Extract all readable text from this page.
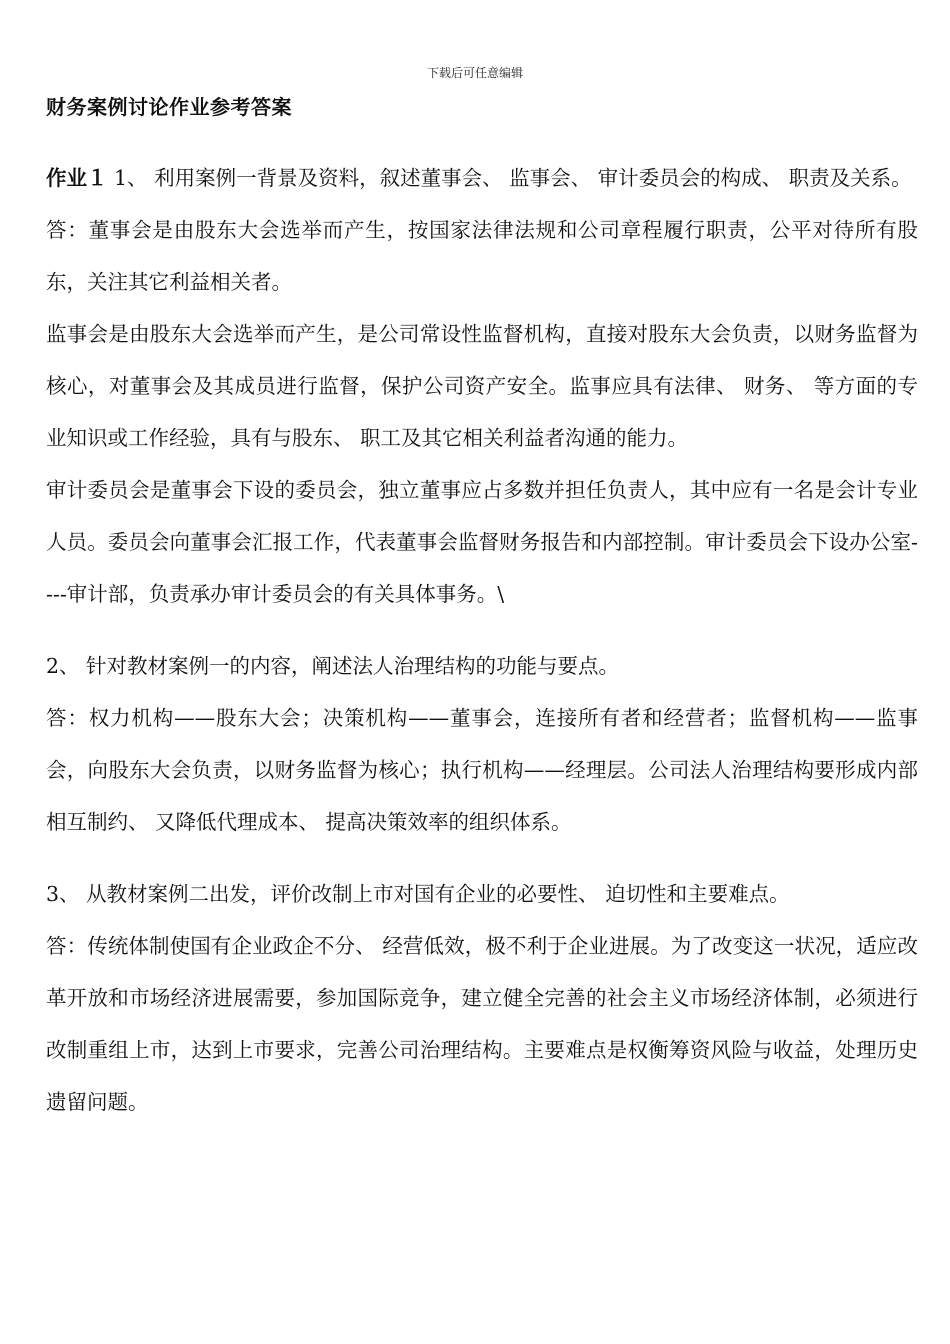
下载后可任意编辑
财务案例讨论作业参考答案

作业１ 1、 利用案例一背景及资料，叙述董事会、 监事会、 审计委员会的构成、 职责及关系。

答：董事会是由股东大会选举而产生，按国家法律法规和公司章程履行职责，公平对待所有股东，关注其它利益相关者。

监事会是由股东大会选举而产生，是公司常设性监督机构，直接对股东大会负责，以财务监督为核心，对董事会及其成员进行监督，保护公司资产安全。监事应具有法律、 财务、 等方面的专业知识或工作经验，具有与股东、 职工及其它相关利益者沟通的能力。

审计委员会是董事会下设的委员会，独立董事应占多数并担任负责人，其中应有一名是会计专业人员。委员会向董事会汇报工作，代表董事会监督财务报告和内部控制。审计委员会下设办公室----审计部，负责承办审计委员会的有关具体事务。\

2、 针对教材案例一的内容，阐述法人治理结构的功能与要点。

答：权力机构——股东大会；决策机构——董事会，连接所有者和经营者；监督机构——监事会，向股东大会负责，以财务监督为核心；执行机构——经理层。公司法人治理结构要形成内部相互制约、 又降低代理成本、 提高决策效率的组织体系。

3、 从教材案例二出发，评价改制上市对国有企业的必要性、 迫切性和主要难点。

答：传统体制使国有企业政企不分、 经营低效，极不利于企业进展。为了改变这一状况，适应改革开放和市场经济进展需要，参加国际竞争，建立健全完善的社会主义市场经济体制，必须进行改制重组上市，达到上市要求，完善公司治理结构。主要难点是权衡筹资风险与收益，处理历史遗留问题。
